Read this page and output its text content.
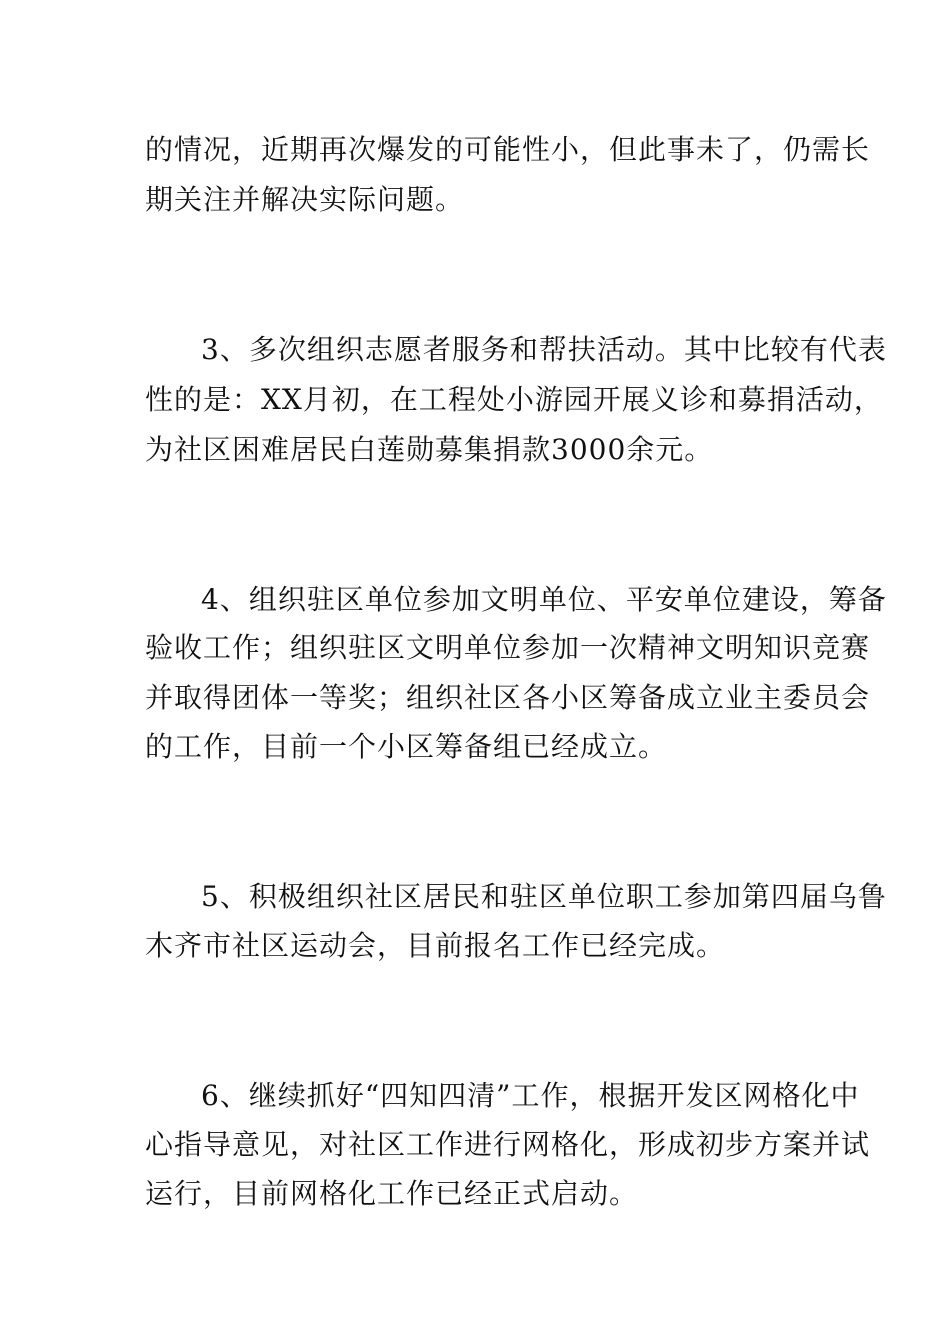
的情况，近期再次爆发的可能性小，但此事未了，仍需长
期关注并解决实际问题。
3、多次组织志愿者服务和帮扶活动。其中比较有代表
性的是：XX月初，在工程处小游园开展义诊和募捐活动，
为社区困难居民白莲勋募集捐款3000余元。
4、组织驻区单位参加文明单位、平安单位建设，筹备
验收工作；组织驻区文明单位参加一次精神文明知识竞赛
并取得团体一等奖；组织社区各小区筹备成立业主委员会
的工作，目前一个小区筹备组已经成立。
5、积极组织社区居民和驻区单位职工参加第四届乌鲁
木齐市社区运动会，目前报名工作已经完成。
6、继续抓好“四知四清”工作，根据开发区网格化中
心指导意见，对社区工作进行网格化，形成初步方案并试
运行，目前网格化工作已经正式启动。
